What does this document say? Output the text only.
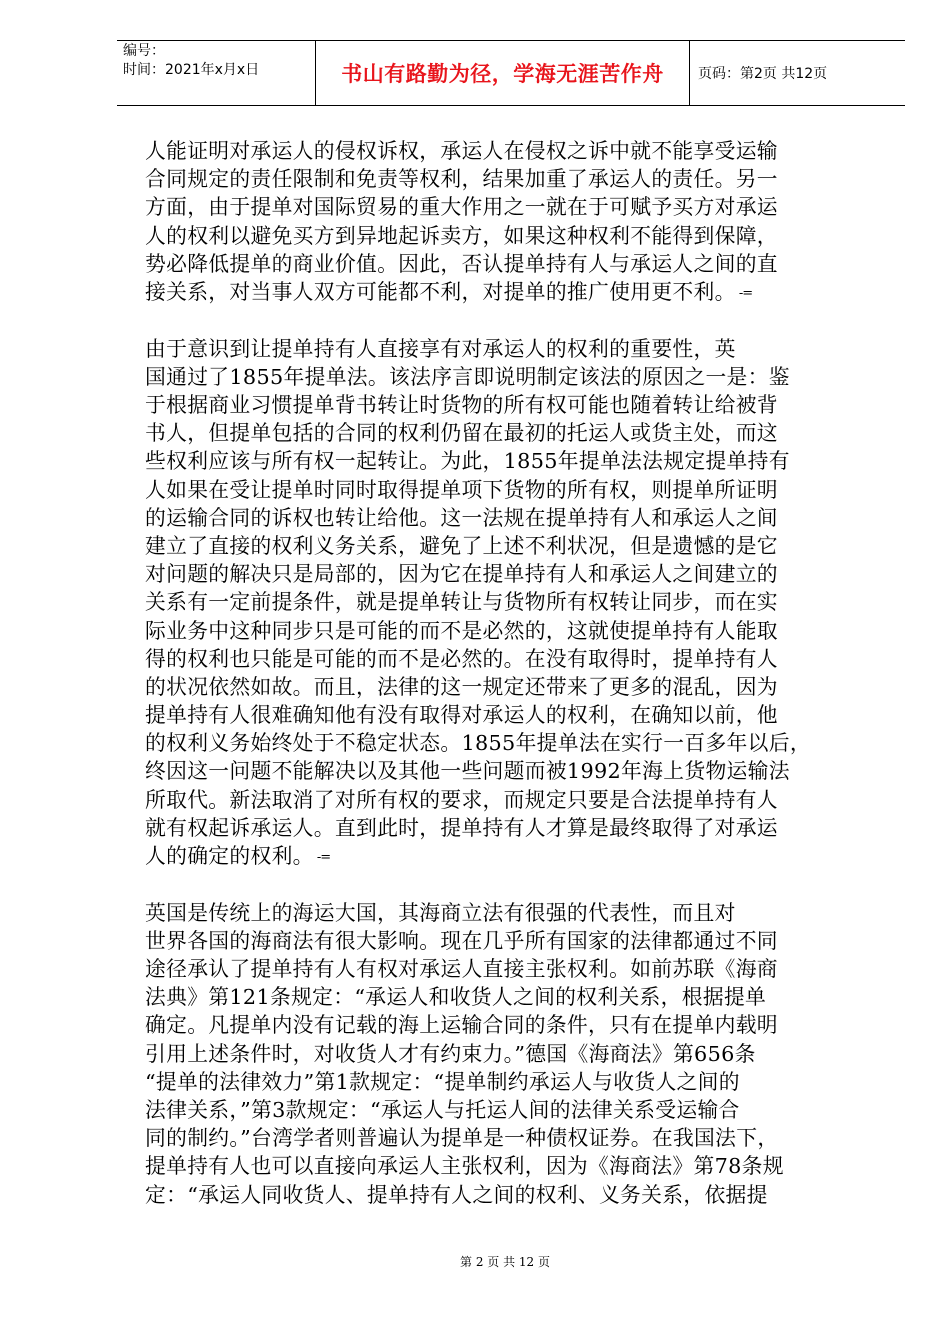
编号：
时间：2021年x月x日	书山有路勤为径，学海无涯苦作舟	页码：第2页 共12页
人能证明对承运人的侵权诉权，承运人在侵权之诉中就不能享受运输
合同规定的责任限制和免责等权利，结果加重了承运人的责任。另一
方面，由于提单对国际贸易的重大作用之一就在于可赋予买方对承运
人的权利以避免买方到异地起诉卖方，如果这种权利不能得到保障，
势必降低提单的商业价值。因此，否认提单持有人与承运人之间的直
接关系，对当事人双方可能都不利，对提单的推广使用更不利。 -=
由于意识到让提单持有人直接享有对承运人的权利的重要性，英
国通过了1855年提单法。该法序言即说明制定该法的原因之一是：鉴
于根据商业习惯提单背书转让时货物的所有权可能也随着转让给被背
书人，但提单包括的合同的权利仍留在最初的托运人或货主处，而这
些权利应该与所有权一起转让。为此，1855年提单法法规定提单持有
人如果在受让提单时同时取得提单项下货物的所有权，则提单所证明
的运输合同的诉权也转让给他。这一法规在提单持有人和承运人之间
建立了直接的权利义务关系，避免了上述不利状况，但是遗憾的是它
对问题的解决只是局部的，因为它在提单持有人和承运人之间建立的
关系有一定前提条件，就是提单转让与货物所有权转让同步，而在实
际业务中这种同步只是可能的而不是必然的，这就使提单持有人能取
得的权利也只能是可能的而不是必然的。在没有取得时，提单持有人
的状况依然如故。而且，法律的这一规定还带来了更多的混乱，因为
提单持有人很难确知他有没有取得对承运人的权利，在确知以前，他
的权利义务始终处于不稳定状态。1855年提单法在实行一百多年以后，
终因这一问题不能解决以及其他一些问题而被1992年海上货物运输法
所取代。新法取消了对所有权的要求，而规定只要是合法提单持有人
就有权起诉承运人。直到此时，提单持有人才算是最终取得了对承运
人的确定的权利。 -=
英国是传统上的海运大国，其海商立法有很强的代表性，而且对
世界各国的海商法有很大影响。现在几乎所有国家的法律都通过不同
途径承认了提单持有人有权对承运人直接主张权利。如前苏联《海商
法典》第121条规定：“承运人和收货人之间的权利关系，根据提单
确定。凡提单内没有记载的海上运输合同的条件，只有在提单内载明
引用上述条件时，对收货人才有约束力。”德国《海商法》第656条
“提单的法律效力”第1款规定：“提单制约承运人与收货人之间的
法律关系，”第3款规定：“承运人与托运人间的法律关系受运输合
同的制约。”台湾学者则普遍认为提单是一种债权证券。在我国法下，
提单持有人也可以直接向承运人主张权利，因为《海商法》第78条规
定：“承运人同收货人、提单持有人之间的权利、义务关系，依据提
第 2 页 共 12 页
